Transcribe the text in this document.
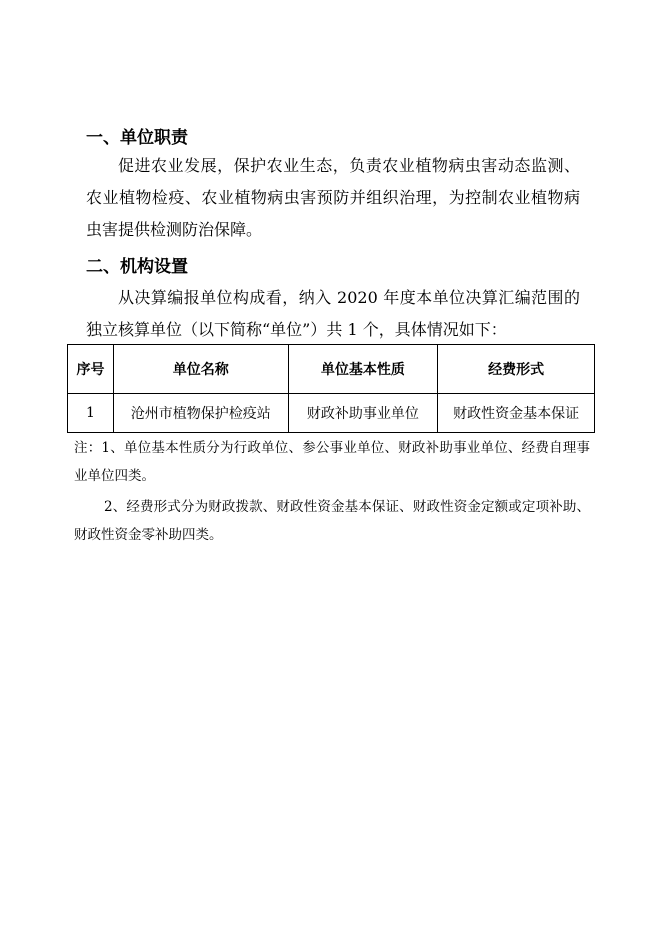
一、单位职责
促进农业发展，保护农业生态，负责农业植物病虫害动态监测、农业植物检疫、农业植物病虫害预防并组织治理，为控制农业植物病虫害提供检测防治保障。
二、机构设置
从决算编报单位构成看，纳入 2020 年度本单位决算汇编范围的独立核算单位（以下简称“单位”）共 1 个，具体情况如下：
序号	单位名称	单位基本性质	经费形式
1	沧州市植物保护检疫站	财政补助事业单位	财政性资金基本保证
注：1、单位基本性质分为行政单位、参公事业单位、财政补助事业单位、经费自理事业单位四类。
2、经费形式分为财政拨款、财政性资金基本保证、财政性资金定额或定项补助、财政性资金零补助四类。
